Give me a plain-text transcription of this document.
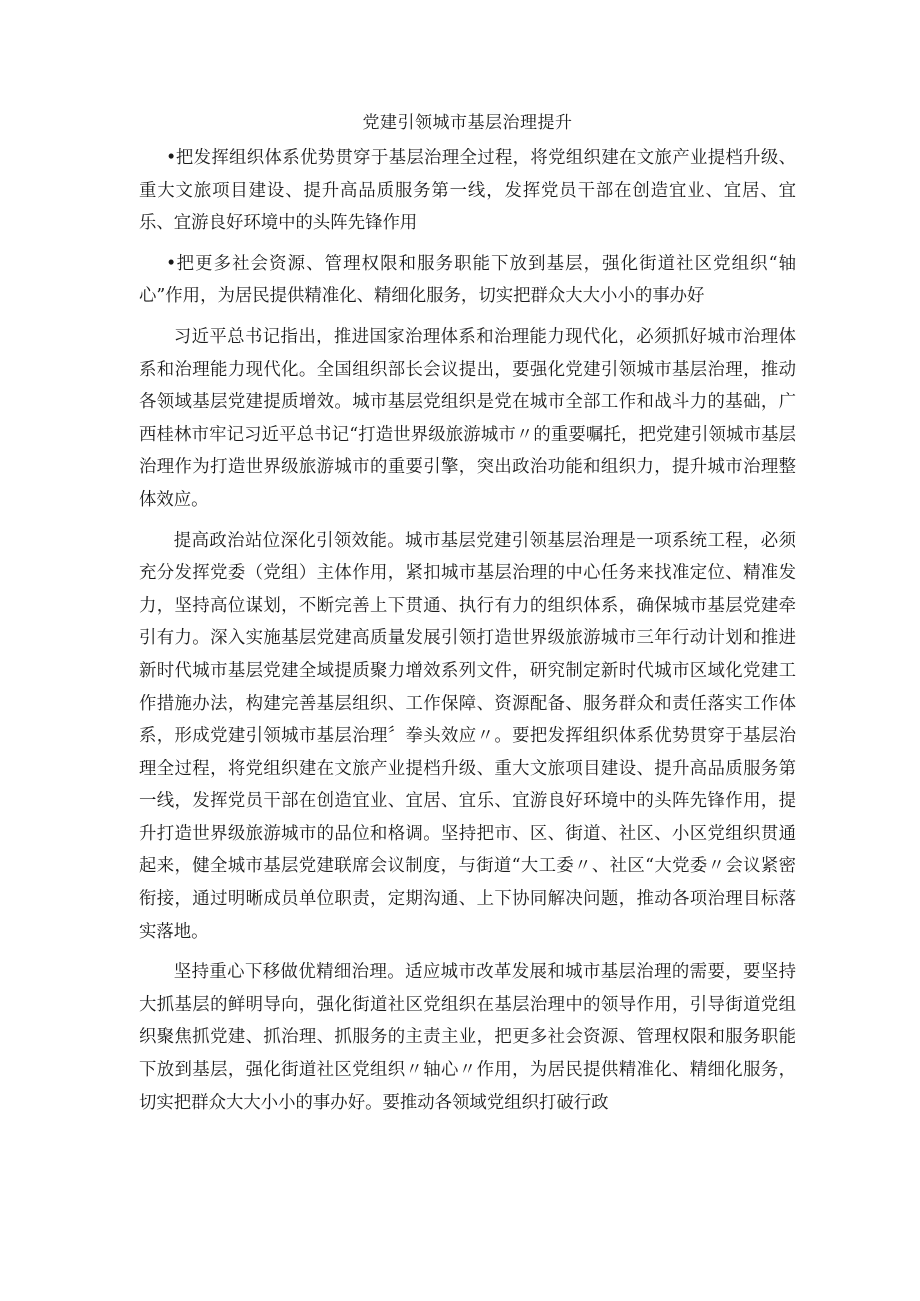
党建引领城市基层治理提升

•把发挥组织体系优势贯穿于基层治理全过程，将党组织建在文旅产业提档升级、重大文旅项目建设、提升高品质服务第一线，发挥党员干部在创造宜业、宜居、宜乐、宜游良好环境中的头阵先锋作用

•把更多社会资源、管理权限和服务职能下放到基层，强化街道社区党组织“轴心”作用，为居民提供精准化、精细化服务，切实把群众大大小小的事办好

习近平总书记指出，推进国家治理体系和治理能力现代化，必须抓好城市治理体系和治理能力现代化。全国组织部长会议提出，要强化党建引领城市基层治理，推动各领域基层党建提质增效。城市基层党组织是党在城市全部工作和战斗力的基础，广西桂林市牢记习近平总书记“打造世界级旅游城市〃的重要嘱托，把党建引领城市基层治理作为打造世界级旅游城市的重要引擎，突出政治功能和组织力，提升城市治理整体效应。

提高政治站位深化引领效能。城市基层党建引领基层治理是一项系统工程，必须充分发挥党委（党组）主体作用，紧扣城市基层治理的中心任务来找准定位、精准发力，坚持高位谋划，不断完善上下贯通、执行有力的组织体系，确保城市基层党建牵引有力。深入实施基层党建高质量发展引领打造世界级旅游城市三年行动计划和推进新时代城市基层党建全域提质聚力增效系列文件，研究制定新时代城市区域化党建工作措施办法，构建完善基层组织、工作保障、资源配备、服务群众和责任落实工作体系，形成党建引领城市基层治理〞拳头效应〃。要把发挥组织体系优势贯穿于基层治理全过程，将党组织建在文旅产业提档升级、重大文旅项目建设、提升高品质服务第一线，发挥党员干部在创造宜业、宜居、宜乐、宜游良好环境中的头阵先锋作用，提升打造世界级旅游城市的品位和格调。坚持把市、区、街道、社区、小区党组织贯通起来，健全城市基层党建联席会议制度，与街道“大工委〃、社区“大党委〃会议紧密衔接，通过明晰成员单位职责，定期沟通、上下协同解决问题，推动各项治理目标落实落地。

坚持重心下移做优精细治理。适应城市改革发展和城市基层治理的需要，要坚持大抓基层的鲜明导向，强化街道社区党组织在基层治理中的领导作用，引导街道党组织聚焦抓党建、抓治理、抓服务的主责主业，把更多社会资源、管理权限和服务职能下放到基层，强化街道社区党组织〃轴心〃作用，为居民提供精准化、精细化服务，切实把群众大大小小的事办好。要推动各领域党组织打破行政
